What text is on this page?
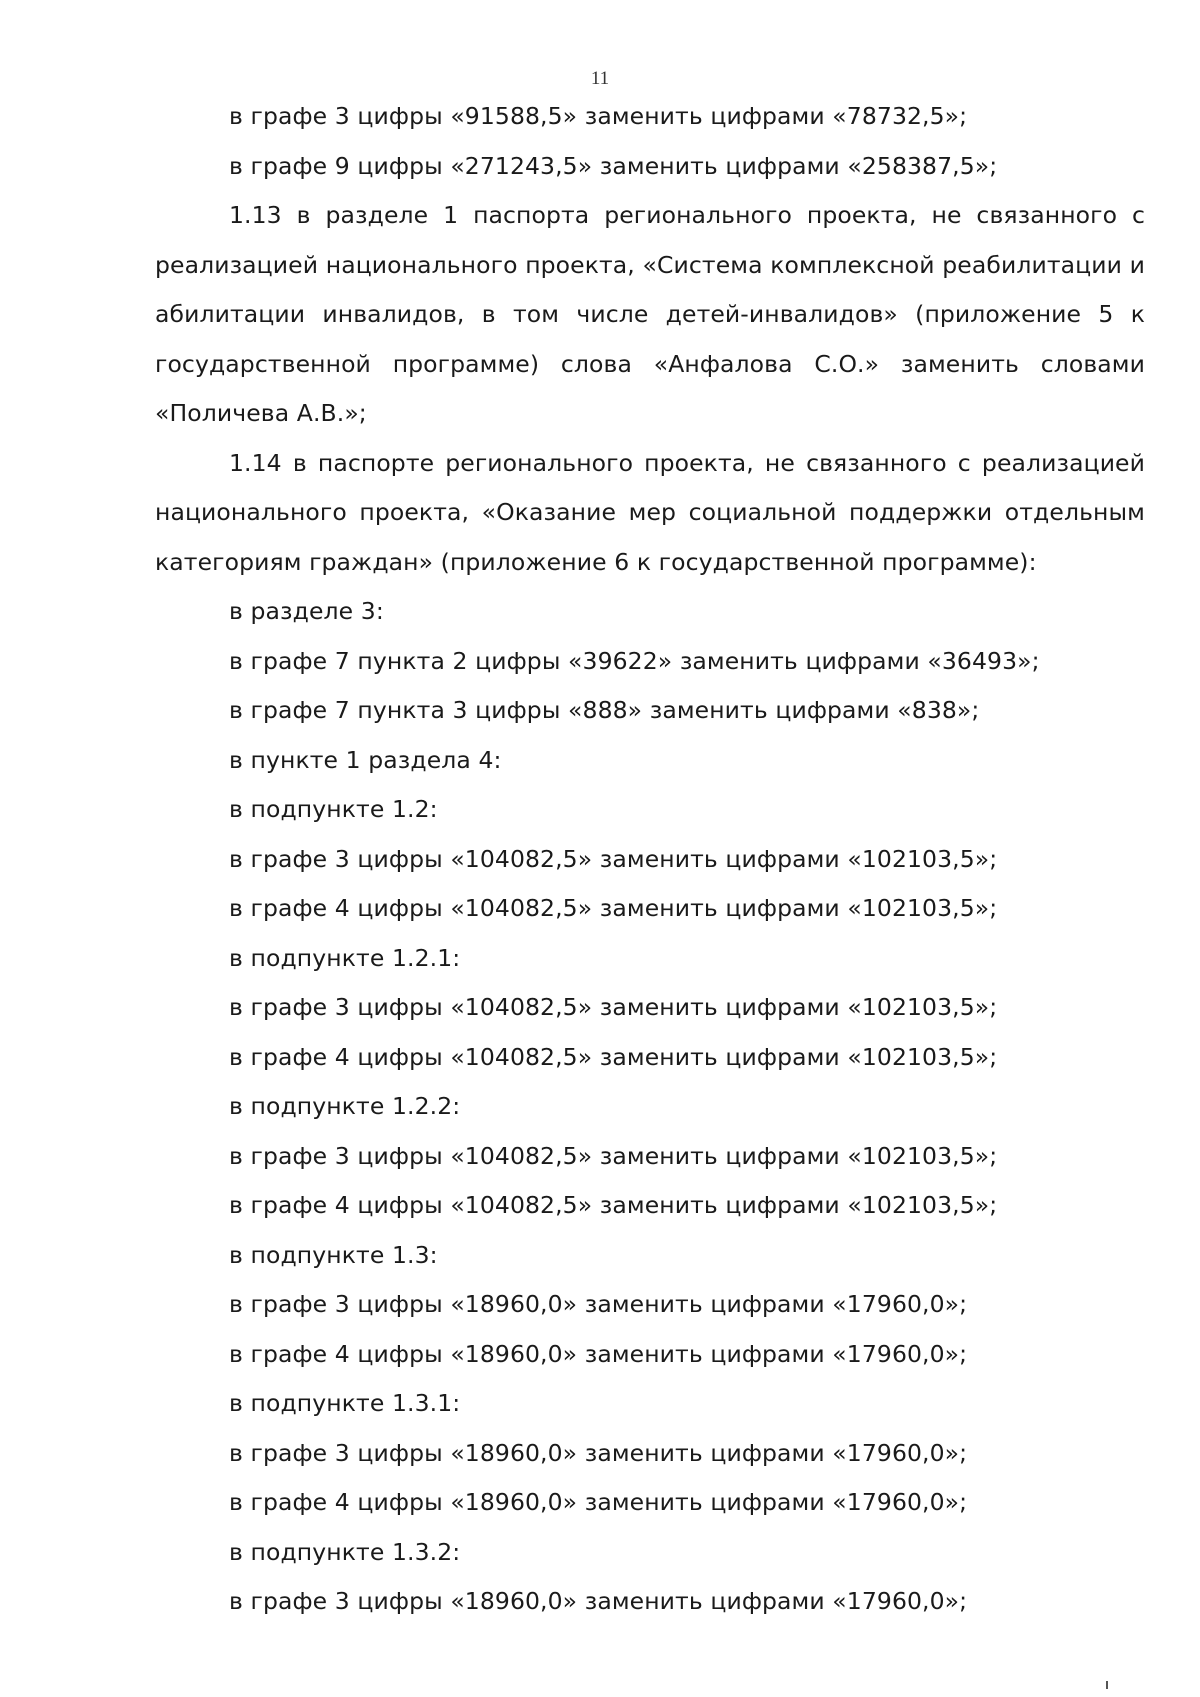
11

в графе 3 цифры «91588,5» заменить цифрами «78732,5»;

в графе 9 цифры «271243,5» заменить цифрами «258387,5»;

1.13 в разделе 1 паспорта регионального проекта, не связанного с реализацией национального проекта, «Система комплексной реабилитации и абилитации инвалидов, в том числе детей-инвалидов» (приложение 5 к государственной программе) слова «Анфалова С.О.» заменить словами «Поличева А.В.»;

1.14 в паспорте регионального проекта, не связанного с реализацией национального проекта, «Оказание мер социальной поддержки отдельным категориям граждан» (приложение 6 к государственной программе):

в разделе 3:

в графе 7 пункта 2 цифры «39622» заменить цифрами «36493»;

в графе 7 пункта 3 цифры «888» заменить цифрами «838»;

в пункте 1 раздела 4:

в подпункте 1.2:

в графе 3 цифры «104082,5» заменить цифрами «102103,5»;

в графе 4 цифры «104082,5» заменить цифрами «102103,5»;

в подпункте 1.2.1:

в графе 3 цифры «104082,5» заменить цифрами «102103,5»;

в графе 4 цифры «104082,5» заменить цифрами «102103,5»;

в подпункте 1.2.2:

в графе 3 цифры «104082,5» заменить цифрами «102103,5»;

в графе 4 цифры «104082,5» заменить цифрами «102103,5»;

в подпункте 1.3:

в графе 3 цифры «18960,0» заменить цифрами «17960,0»;

в графе 4 цифры «18960,0» заменить цифрами «17960,0»;

в подпункте 1.3.1:

в графе 3 цифры «18960,0» заменить цифрами «17960,0»;

в графе 4 цифры «18960,0» заменить цифрами «17960,0»;

в подпункте 1.3.2:

в графе 3 цифры «18960,0» заменить цифрами «17960,0»;
